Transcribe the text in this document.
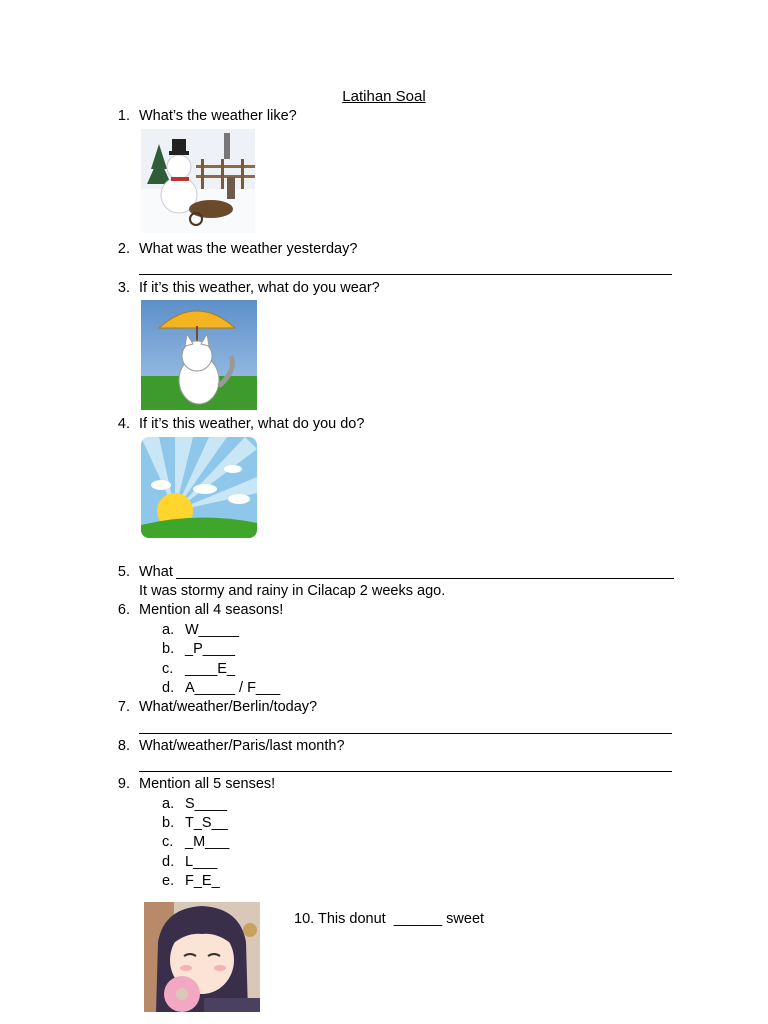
Latihan Soal
1. What’s the weather like?
2. What was the weather yesterday?
3. If it’s this weather, what do you wear?
4. If it’s this weather, what do you do?
5. What
It was stormy and rainy in Cilacap 2 weeks ago.
6. Mention all 4 seasons!
a. W_____
b. _P____
c. ____E_
d. A_____ / F___
7. What/weather/Berlin/today?
8. What/weather/Paris/last month?
9. Mention all 5 senses!
a. S____
b. T_S__
c. _M___
d. L___
e. F_E_
10. This donut  ______ sweet
